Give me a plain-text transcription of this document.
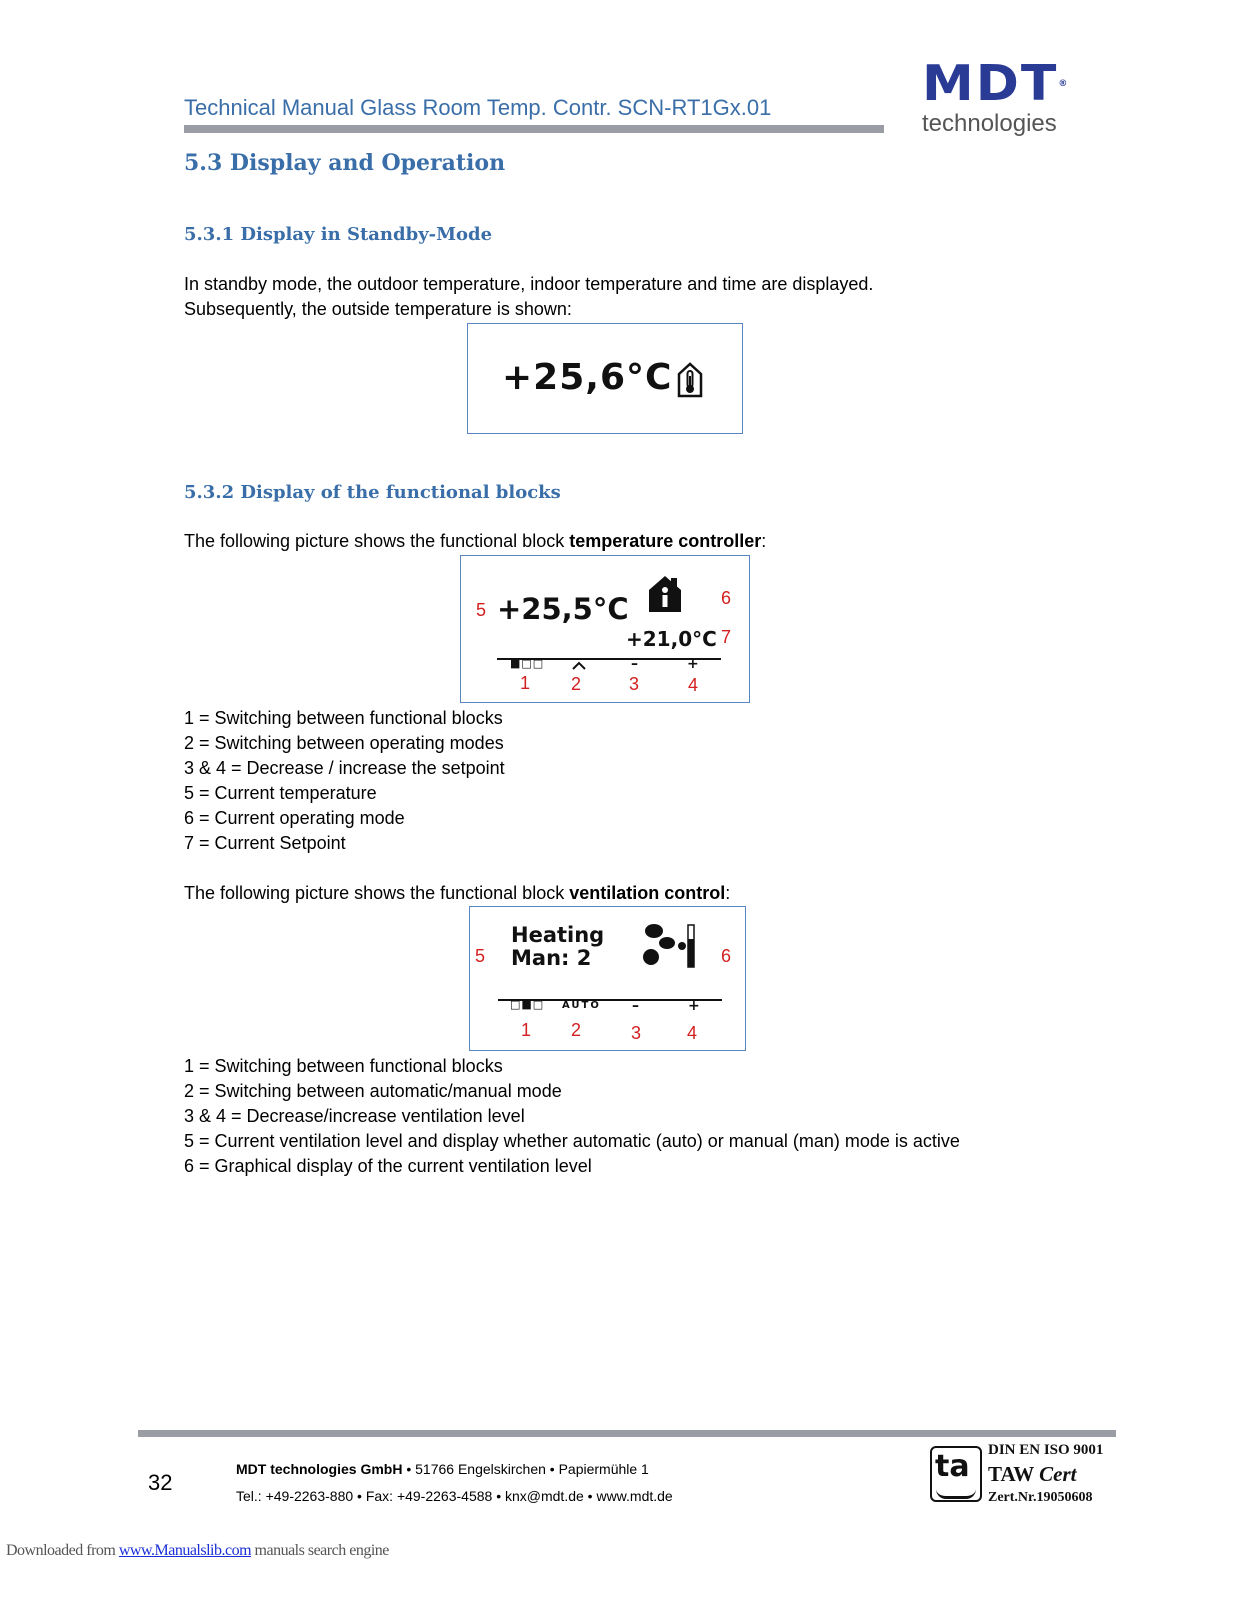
Technical Manual Glass Room Temp. Contr. SCN-RT1Gx.01	MDT®
technologies
5.3 Display and Operation
5.3.1 Display in Standby-Mode
In standby mode, the outdoor temperature, indoor temperature and time are displayed.
Subsequently, the outside temperature is shown:
+25,6°C
5.3.2 Display of the functional blocks
The following picture shows the functional block temperature controller:
5 +25,5°C	6
+21,0°C 7
■□□	–	+
1 2	3	4
1 = Switching between functional blocks
2 = Switching between operating modes
3 & 4 = Decrease / increase the setpoint
5 = Current temperature
6 = Current operating mode
7 = Current Setpoint
The following picture shows the functional block ventilation control:
5
Heating
Man: 2	6
□■□ AUTO –	+
1 2	3	4
1 = Switching between functional blocks
2 = Switching between automatic/manual mode
3 & 4 = Decrease/increase ventilation level
5 = Current ventilation level and display whether automatic (auto) or manual (man) mode is active
6 = Graphical display of the current ventilation level
32
MDT technologies GmbH • 51766 Engelskirchen • Papiermühle 1
Tel.: +49-2263-880 • Fax: +49-2263-4588 • knx@mdt.de • www.mdt.de
ta DIN EN ISO 9001
TAW Cert
Zert.Nr.19050608
Downloaded from www.Manualslib.com manuals search engine
